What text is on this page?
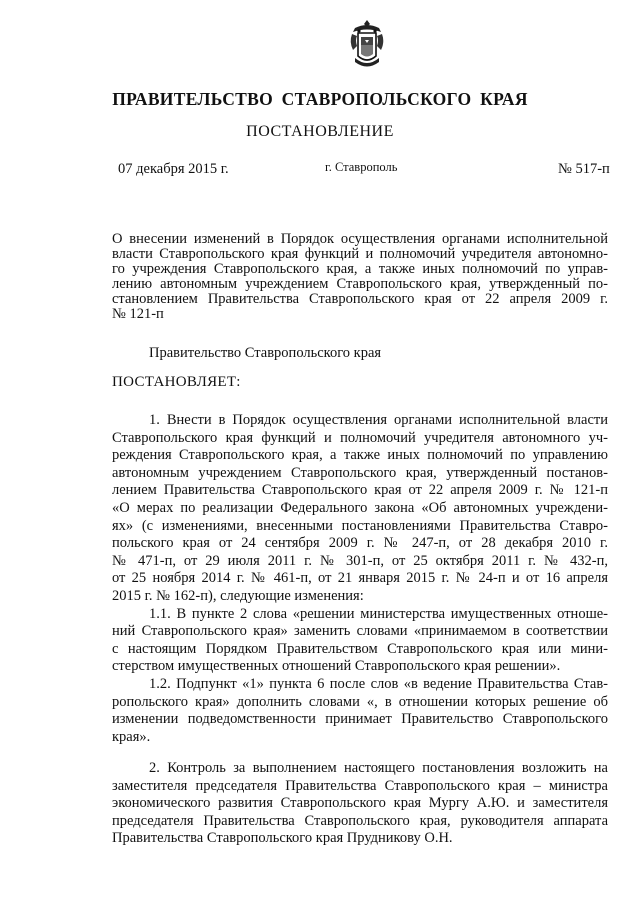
ПРАВИТЕЛЬСТВО СТАВРОПОЛЬСКОГО КРАЯ
ПОСТАНОВЛЕНИЕ
07 декабря 2015 г.	г. Ставрополь	№ 517-п
О внесении изменений в Порядок осуществления органами исполнительной
власти Ставропольского края функций и полномочий учредителя автономно-
го учреждения Ставропольского края, а также иных полномочий по управ-
лению автономным учреждением Ставропольского края, утвержденный по-
становлением Правительства Ставропольского края от 22 апреля 2009 г.
№ 121-п
Правительство Ставропольского края
ПОСТАНОВЛЯЕТ:
1. Внести в Порядок осуществления органами исполнительной власти
Ставропольского края функций и полномочий учредителя автономного уч-
реждения Ставропольского края, а также иных полномочий по управлению
автономным учреждением Ставропольского края, утвержденный постанов-
лением Правительства Ставропольского края от 22 апреля 2009 г. № 121-п
«О мерах по реализации Федерального закона «Об автономных учреждени-
ях» (с изменениями, внесенными постановлениями Правительства Ставро-
польского края от 24 сентября 2009 г. № 247-п, от 28 декабря 2010 г.
№ 471-п, от 29 июля 2011 г. № 301-п, от 25 октября 2011 г. № 432-п,
от 25 ноября 2014 г. № 461-п, от 21 января 2015 г. № 24-п и от 16 апреля
2015 г. № 162-п), следующие изменения:
1.1. В пункте 2 слова «решении министерства имущественных отноше-
ний Ставропольского края» заменить словами «принимаемом в соответствии
с настоящим Порядком Правительством Ставропольского края или мини-
стерством имущественных отношений Ставропольского края решении».
1.2. Подпункт «1» пункта 6 после слов «в ведение Правительства Став-
ропольского края» дополнить словами «, в отношении которых решение об
изменении подведомственности принимает Правительство Ставропольского
края».
2. Контроль за выполнением настоящего постановления возложить на
заместителя председателя Правительства Ставропольского края – министра
экономического развития Ставропольского края Мургу А.Ю. и заместителя
председателя Правительства Ставропольского края, руководителя аппарата
Правительства Ставропольского края Прудникову О.Н.
